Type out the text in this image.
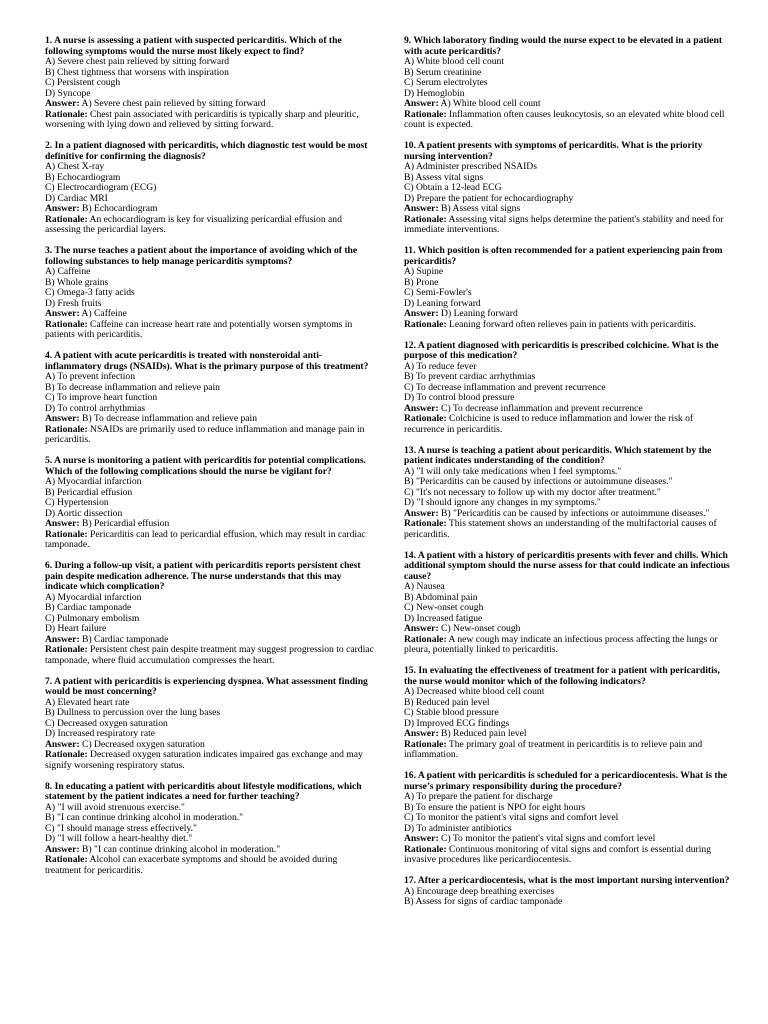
1. A nurse is assessing a patient with suspected pericarditis. Which of the following symptoms would the nurse most likely expect to find?
A) Severe chest pain relieved by sitting forward
B) Chest tightness that worsens with inspiration
C) Persistent cough
D) Syncope
Answer: A) Severe chest pain relieved by sitting forward
Rationale: Chest pain associated with pericarditis is typically sharp and pleuritic, worsening with lying down and relieved by sitting forward.
2. In a patient diagnosed with pericarditis, which diagnostic test would be most definitive for confirming the diagnosis?
A) Chest X-ray
B) Echocardiogram
C) Electrocardiogram (ECG)
D) Cardiac MRI
Answer: B) Echocardiogram
Rationale: An echocardiogram is key for visualizing pericardial effusion and assessing the pericardial layers.
3. The nurse teaches a patient about the importance of avoiding which of the following substances to help manage pericarditis symptoms?
A) Caffeine
B) Whole grains
C) Omega-3 fatty acids
D) Fresh fruits
Answer: A) Caffeine
Rationale: Caffeine can increase heart rate and potentially worsen symptoms in patients with pericarditis.
4. A patient with acute pericarditis is treated with nonsteroidal anti-inflammatory drugs (NSAIDs). What is the primary purpose of this treatment?
A) To prevent infection
B) To decrease inflammation and relieve pain
C) To improve heart function
D) To control arrhythmias
Answer: B) To decrease inflammation and relieve pain
Rationale: NSAIDs are primarily used to reduce inflammation and manage pain in pericarditis.
5. A nurse is monitoring a patient with pericarditis for potential complications. Which of the following complications should the nurse be vigilant for?
A) Myocardial infarction
B) Pericardial effusion
C) Hypertension
D) Aortic dissection
Answer: B) Pericardial effusion
Rationale: Pericarditis can lead to pericardial effusion, which may result in cardiac tamponade.
6. During a follow-up visit, a patient with pericarditis reports persistent chest pain despite medication adherence. The nurse understands that this may indicate which complication?
A) Myocardial infarction
B) Cardiac tamponade
C) Pulmonary embolism
D) Heart failure
Answer: B) Cardiac tamponade
Rationale: Persistent chest pain despite treatment may suggest progression to cardiac tamponade, where fluid accumulation compresses the heart.
7. A patient with pericarditis is experiencing dyspnea. What assessment finding would be most concerning?
A) Elevated heart rate
B) Dullness to percussion over the lung bases
C) Decreased oxygen saturation
D) Increased respiratory rate
Answer: C) Decreased oxygen saturation
Rationale: Decreased oxygen saturation indicates impaired gas exchange and may signify worsening respiratory status.
8. In educating a patient with pericarditis about lifestyle modifications, which statement by the patient indicates a need for further teaching?
A) "I will avoid strenuous exercise."
B) "I can continue drinking alcohol in moderation."
C) "I should manage stress effectively."
D) "I will follow a heart-healthy diet."
Answer: B) "I can continue drinking alcohol in moderation."
Rationale: Alcohol can exacerbate symptoms and should be avoided during treatment for pericarditis.
9. Which laboratory finding would the nurse expect to be elevated in a patient with acute pericarditis?
A) White blood cell count
B) Serum creatinine
C) Serum electrolytes
D) Hemoglobin
Answer: A) White blood cell count
Rationale: Inflammation often causes leukocytosis, so an elevated white blood cell count is expected.
10. A patient presents with symptoms of pericarditis. What is the priority nursing intervention?
A) Administer prescribed NSAIDs
B) Assess vital signs
C) Obtain a 12-lead ECG
D) Prepare the patient for echocardiography
Answer: B) Assess vital signs
Rationale: Assessing vital signs helps determine the patient's stability and need for immediate interventions.
11. Which position is often recommended for a patient experiencing pain from pericarditis?
A) Supine
B) Prone
C) Semi-Fowler's
D) Leaning forward
Answer: D) Leaning forward
Rationale: Leaning forward often relieves pain in patients with pericarditis.
12. A patient diagnosed with pericarditis is prescribed colchicine. What is the purpose of this medication?
A) To reduce fever
B) To prevent cardiac arrhythmias
C) To decrease inflammation and prevent recurrence
D) To control blood pressure
Answer: C) To decrease inflammation and prevent recurrence
Rationale: Colchicine is used to reduce inflammation and lower the risk of recurrence in pericarditis.
13. A nurse is teaching a patient about pericarditis. Which statement by the patient indicates understanding of the condition?
A) "I will only take medications when I feel symptoms."
B) "Pericarditis can be caused by infections or autoimmune diseases."
C) "It's not necessary to follow up with my doctor after treatment."
D) "I should ignore any changes in my symptoms."
Answer: B) "Pericarditis can be caused by infections or autoimmune diseases."
Rationale: This statement shows an understanding of the multifactorial causes of pericarditis.
14. A patient with a history of pericarditis presents with fever and chills. Which additional symptom should the nurse assess for that could indicate an infectious cause?
A) Nausea
B) Abdominal pain
C) New-onset cough
D) Increased fatigue
Answer: C) New-onset cough
Rationale: A new cough may indicate an infectious process affecting the lungs or pleura, potentially linked to pericarditis.
15. In evaluating the effectiveness of treatment for a patient with pericarditis, the nurse would monitor which of the following indicators?
A) Decreased white blood cell count
B) Reduced pain level
C) Stable blood pressure
D) Improved ECG findings
Answer: B) Reduced pain level
Rationale: The primary goal of treatment in pericarditis is to relieve pain and inflammation.
16. A patient with pericarditis is scheduled for a pericardiocentesis. What is the nurse’s primary responsibility during the procedure?
A) To prepare the patient for discharge
B) To ensure the patient is NPO for eight hours
C) To monitor the patient's vital signs and comfort level
D) To administer antibiotics
Answer: C) To monitor the patient's vital signs and comfort level
Rationale: Continuous monitoring of vital signs and comfort is essential during invasive procedures like pericardiocentesis.
17. After a pericardiocentesis, what is the most important nursing intervention?
A) Encourage deep breathing exercises
B) Assess for signs of cardiac tamponade
